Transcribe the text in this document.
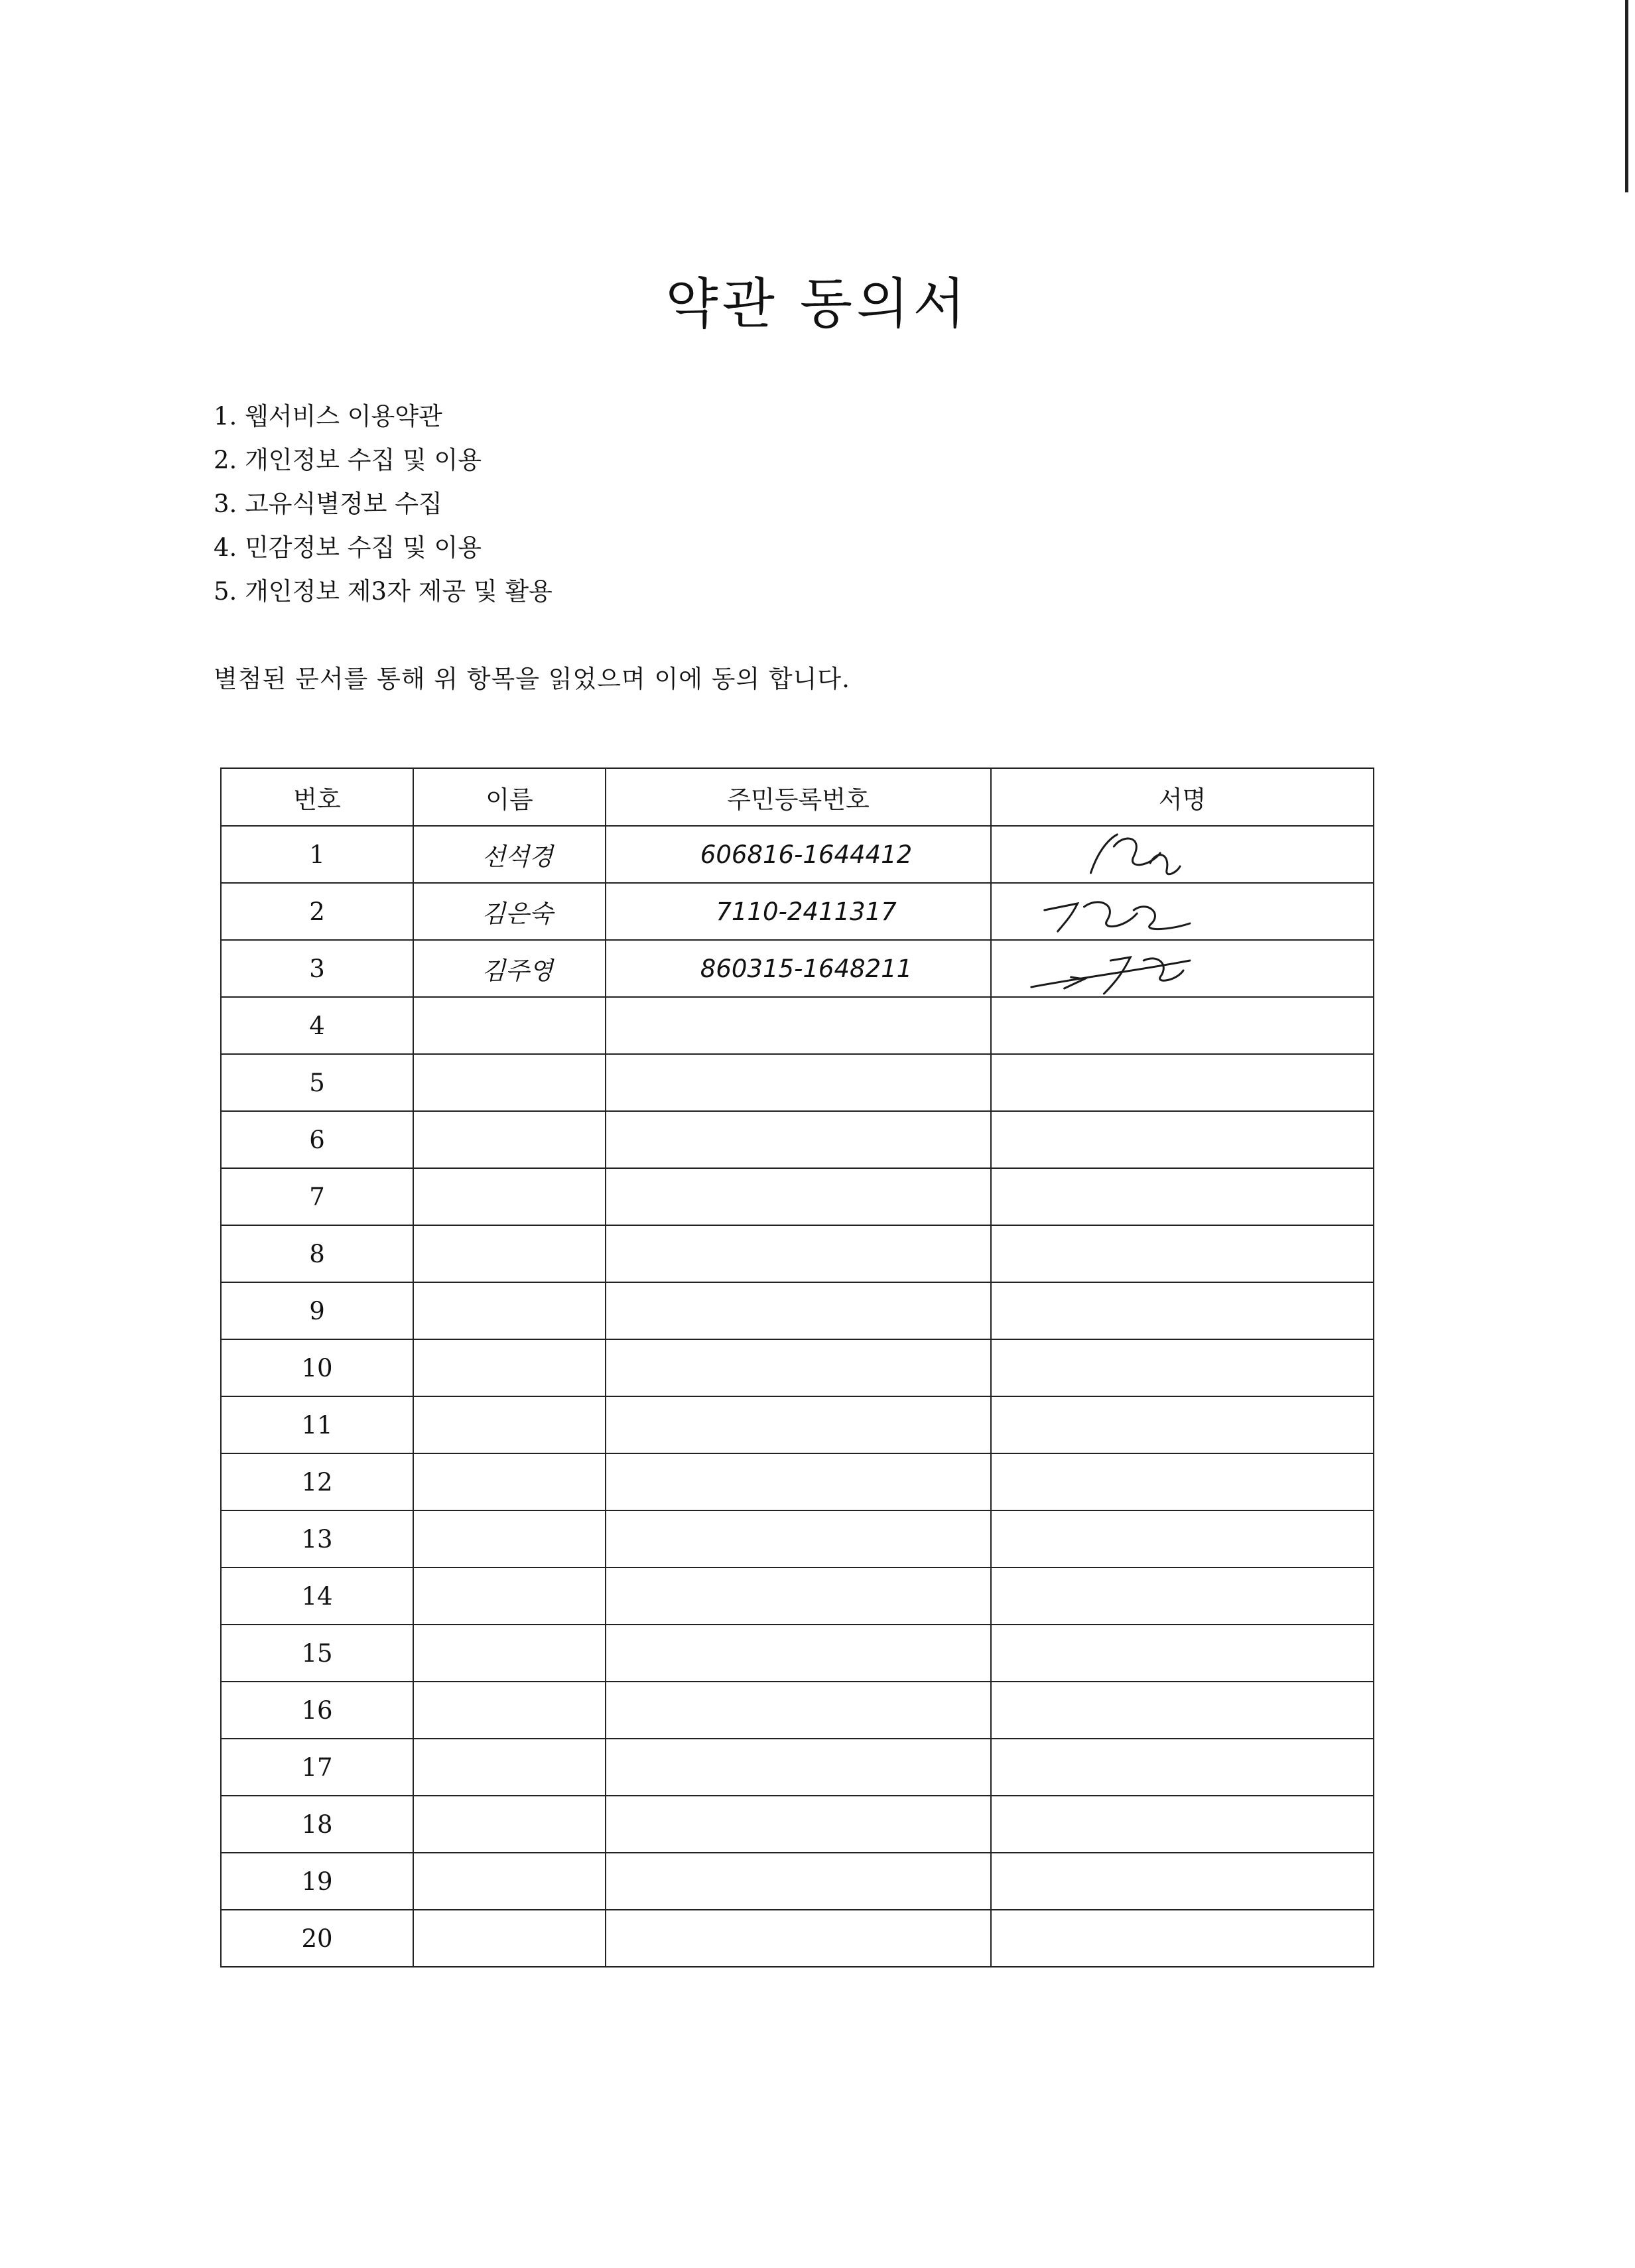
약관 동의서
1. 웹서비스 이용약관
2. 개인정보 수집 및 이용
3. 고유식별정보 수집
4. 민감정보 수집 및 이용
5. 개인정보 제3자 제공 및 활용
별첨된 문서를 통해 위 항목을 읽었으며 이에 동의 합니다.
번호	이름	주민등록번호	서명
1	선석경	606816-1644412	

2	김은숙	7110-2411317	

3	김주영	860315-1648211	

4			
5			
6			
7			
8			
9			
10			
11			
12			
13			
14			
15			
16			
17			
18			
19			
20			
